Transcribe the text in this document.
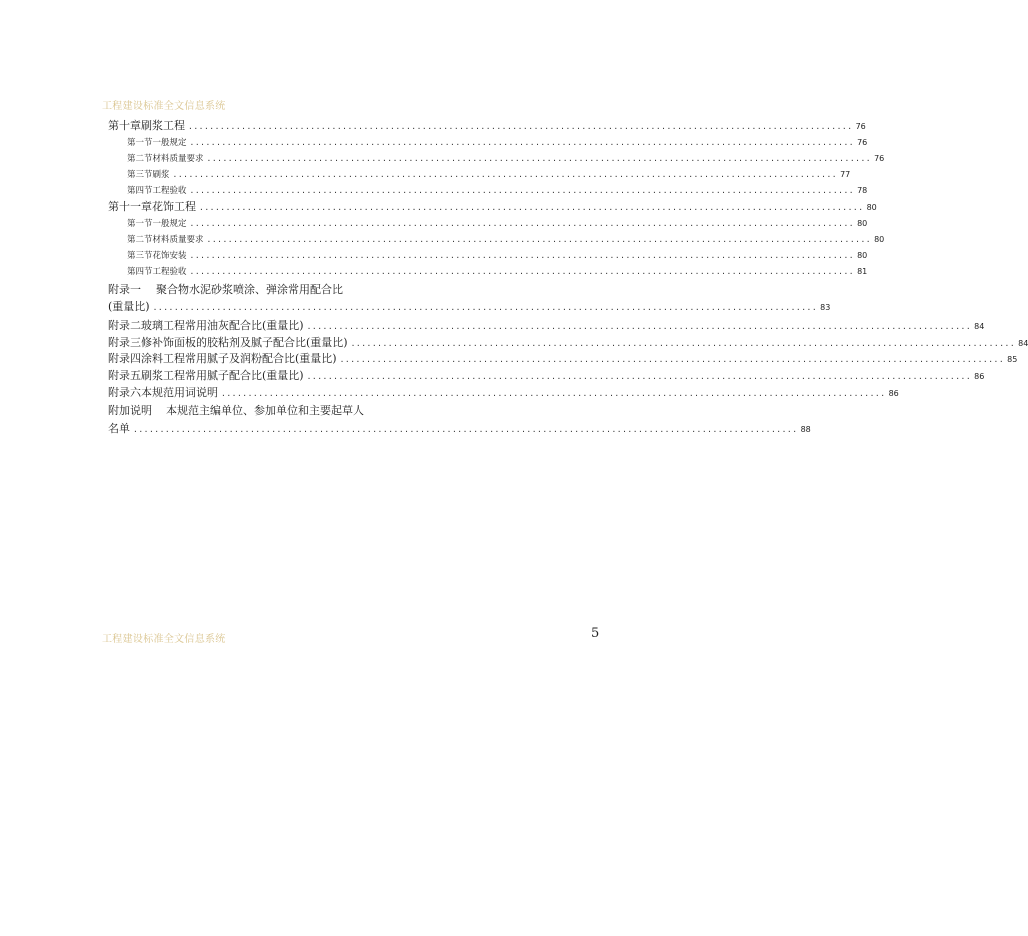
工程建设标准全文信息系统
第十章 刷浆工程 ............................................................................................................................. 76
第一节 一般规定 ............................................................................................................................. 76
第二节 材料质量要求 ............................................................................................................................. 76
第三节 刷浆 ............................................................................................................................. 77
第四节 工程验收 ............................................................................................................................. 78
第十一章 花饰工程 ............................................................................................................................. 80
第一节 一般规定 ............................................................................................................................. 80
第二节 材料质量要求 ............................................................................................................................. 80
第三节 花饰安装 ............................................................................................................................. 80
第四节 工程验收 ............................................................................................................................. 81
附录一	聚合物水泥砂浆喷涂、弹涂常用配合比
(重量比) ............................................................................................................................. 83
附录二 玻璃工程常用油灰配合比(重量比) ............................................................................................................................. 84
附录三 修补饰面板的胶粘剂及腻子配合比(重量比) ............................................................................................................................. 84
附录四 涂料工程常用腻子及润粉配合比(重量比) ............................................................................................................................. 85
附录五 刷浆工程常用腻子配合比(重量比) ............................................................................................................................. 86
附录六 本规范用词说明 ............................................................................................................................. 86
附加说明	本规范主编单位、参加单位和主要起草人
名单 ............................................................................................................................. 88
工程建设标准全文信息系统	5
